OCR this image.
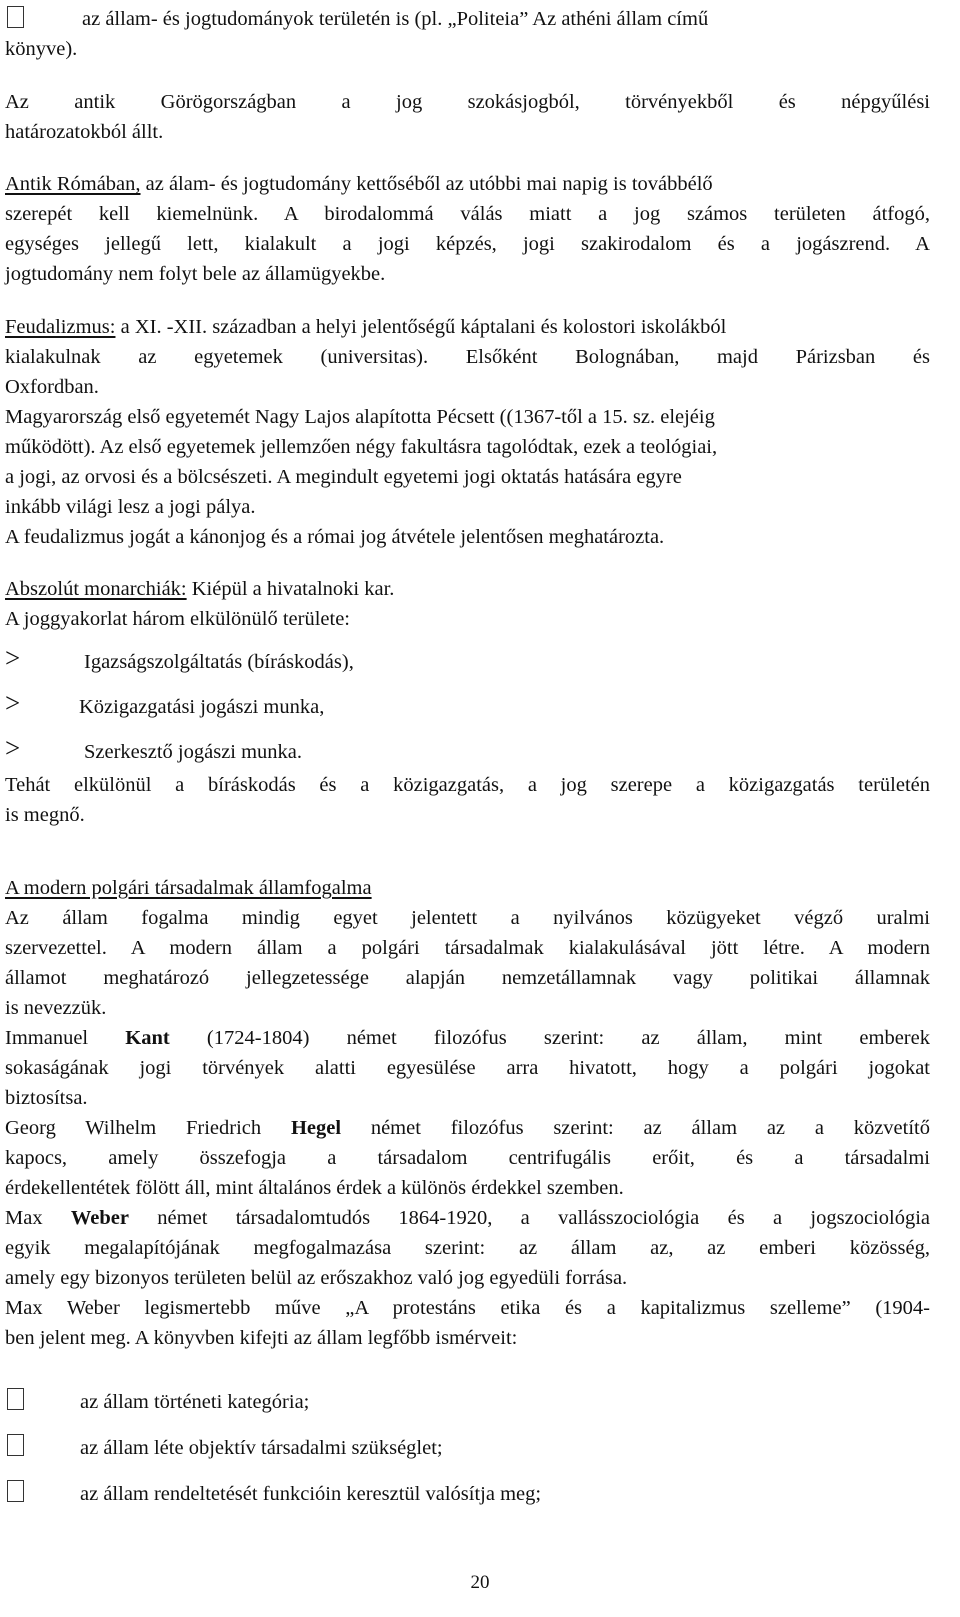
az állam- és jogtudományok területén is (pl. „Politeia” Az athéni állam című
könyve).
Az antik Görögországban a jog szokásjogból, törvényekből és népgyűlési
határozatokból állt.
Antik Rómában, az álam- és jogtudomány kettőséből az utóbbi mai napig is továbbélő
szerepét kell kiemelnünk. A birodalommá válás miatt a jog számos területen átfogó,
egységes jellegű lett, kialakult a jogi képzés, jogi szakirodalom és a jogászrend. A
jogtudomány nem folyt bele az államügyekbe.
Feudalizmus: a XI. -XII. században a helyi jelentőségű káptalani és kolostori iskolákból
kialakulnak az egyetemek (universitas). Elsőként Bolognában, majd Párizsban és
Oxfordban.
Magyarország első egyetemét Nagy Lajos alapította Pécsett ((1367-től a 15. sz. elejéig
működött). Az első egyetemek jellemzően négy fakultásra tagolódtak, ezek a teológiai,
a jogi, az orvosi és a bölcsészeti. A megindult egyetemi jogi oktatás hatására egyre
inkább világi lesz a jogi pálya.
A feudalizmus jogát a kánonjog és a római jog átvétele jelentősen meghatározta.
Abszolút monarchiák: Kiépül a hivatalnoki kar.
A joggyakorlat három elkülönülő területe:
>	Igazságszolgáltatás (bíráskodás),
>	Közigazgatási jogászi munka,
>	Szerkesztő jogászi munka.
Tehát elkülönül a bíráskodás és a közigazgatás, a jog szerepe a közigazgatás területén
is megnő.
A modern polgári társadalmak államfogalma
Az állam fogalma mindig egyet jelentett a nyilvános közügyeket végző uralmi
szervezettel. A modern állam a polgári társadalmak kialakulásával jött létre. A modern
államot meghatározó jellegzetessége alapján nemzetállamnak vagy politikai államnak
is nevezzük.
Immanuel Kant (1724-1804) német filozófus szerint: az állam, mint emberek
sokaságának jogi törvények alatti egyesülése arra hivatott, hogy a polgári jogokat
biztosítsa.
Georg Wilhelm Friedrich Hegel német filozófus szerint: az állam az a közvetítő
kapocs, amely összefogja a társadalom centrifugális erőit, és a társadalmi
érdekellentétek fölött áll, mint általános érdek a különös érdekkel szemben.
Max Weber német társadalomtudós 1864-1920, a vallásszociológia és a jogszociológia
egyik megalapítójának megfogalmazása szerint: az állam az, az emberi közösség,
amely egy bizonyos területen belül az erőszakhoz való jog egyedüli forrása.
Max Weber legismertebb műve „A protestáns etika és a kapitalizmus szelleme” (1904-
ben jelent meg. A könyvben kifejti az állam legfőbb ismérveit:
az állam történeti kategória;
az állam léte objektív társadalmi szükséglet;
az állam rendeltetését funkcióin keresztül valósítja meg;
20
